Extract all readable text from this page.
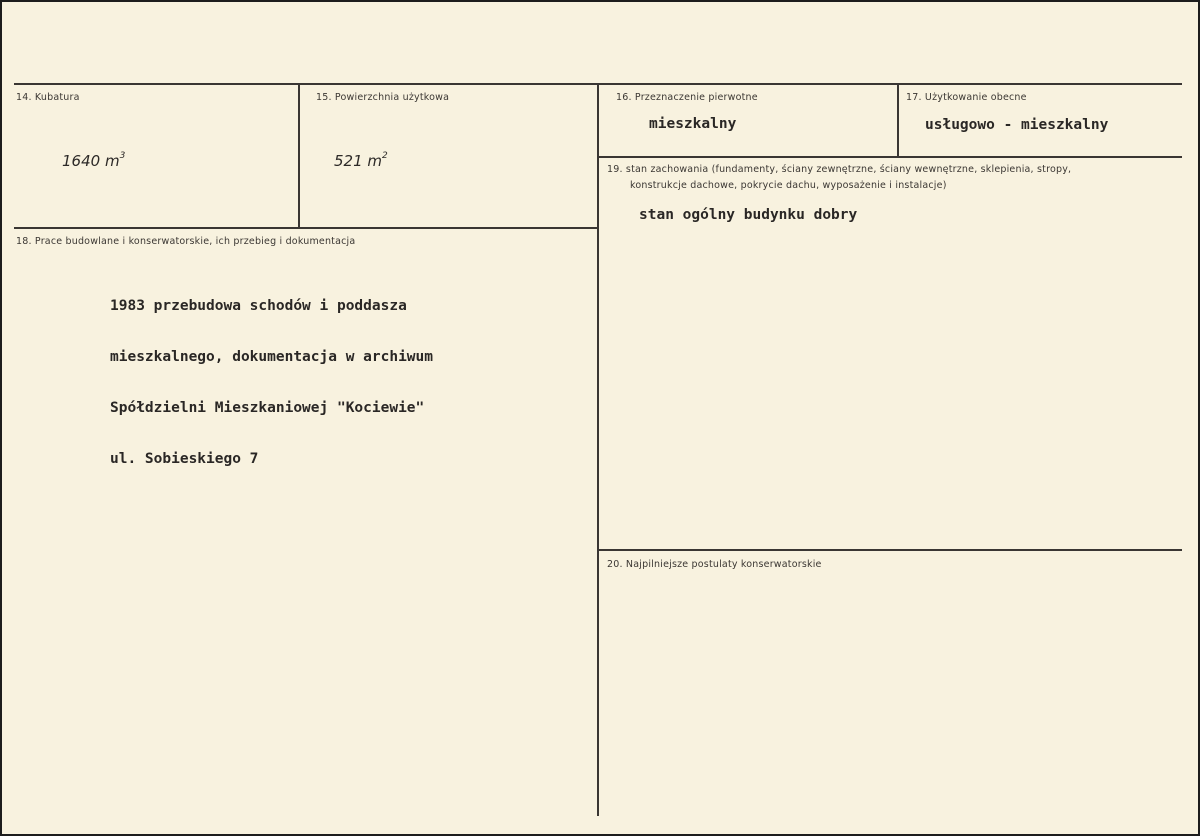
14. Kubatura
1640 $m^3$
15. Powierzchnia użytkowa
521 $m^2$
16. Przeznaczenie pierwotne
mieszkalny
17. Użytkowanie obecne
usługowo - mieszkalny
18. Prace budowlane i konserwatorskie, ich przebieg i dokumentacja

1983 przebudowa schodów i poddasza

mieszkalnego, dokumentacja w archiwum

Spółdzielni Mieszkaniowej "Kociewie"

ul. Sobieskiego 7

19. stan zachowania (fundamenty, ściany zewnętrzne, ściany wewnętrzne, sklepienia, stropy,
konstrukcje dachowe, pokrycie dachu, wyposażenie i instalacje)
stan ogólny budynku dobry
20. Najpilniejsze postulaty konserwatorskie
